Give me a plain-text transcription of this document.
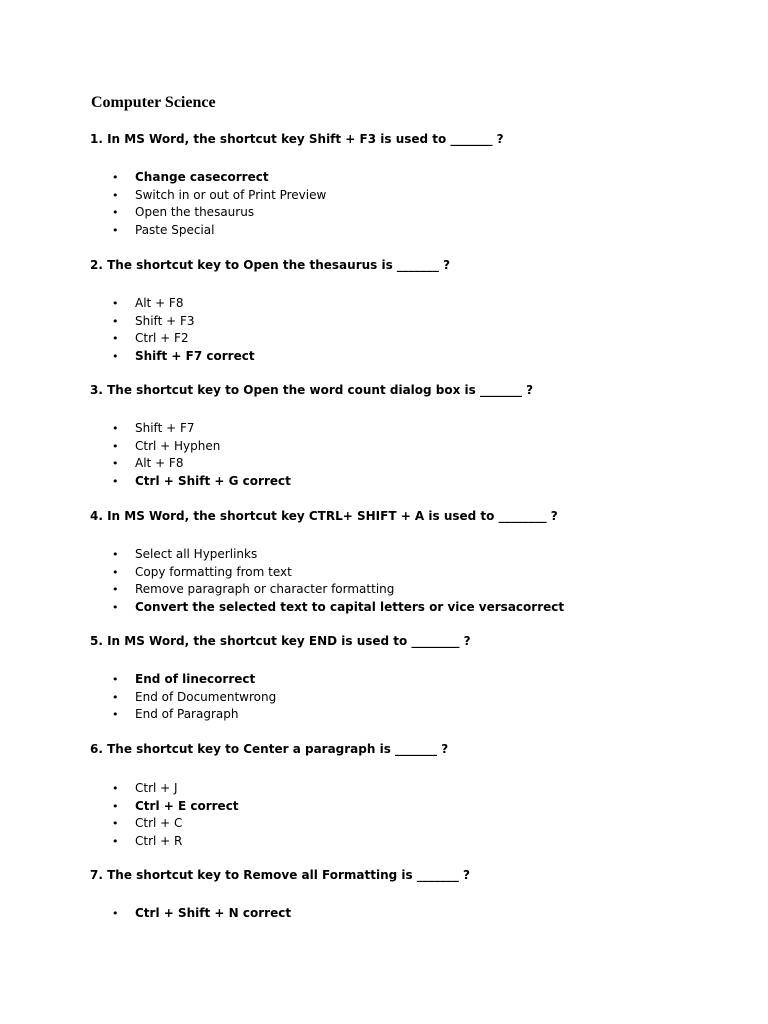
Computer Science

1. In MS Word, the shortcut key Shift + F3 is used to _______ ?

• Change casecorrect
• Switch in or out of Print Preview
• Open the thesaurus
• Paste Special

2. The shortcut key to Open the thesaurus is _______ ?

• Alt + F8
• Shift + F3
• Ctrl + F2
• Shift + F7 correct

3. The shortcut key to Open the word count dialog box is _______ ?

• Shift + F7
• Ctrl + Hyphen
• Alt + F8
• Ctrl + Shift + G correct

4. In MS Word, the shortcut key CTRL+ SHIFT + A is used to ________ ?

• Select all Hyperlinks
• Copy formatting from text
• Remove paragraph or character formatting
• Convert the selected text to capital letters or vice versacorrect

5. In MS Word, the shortcut key END is used to ________ ?

• End of linecorrect
• End of Documentwrong
• End of Paragraph

6. The shortcut key to Center a paragraph is _______ ?

• Ctrl + J
• Ctrl + E correct
• Ctrl + C
• Ctrl + R

7. The shortcut key to Remove all Formatting is _______ ?

• Ctrl + Shift + N correct
